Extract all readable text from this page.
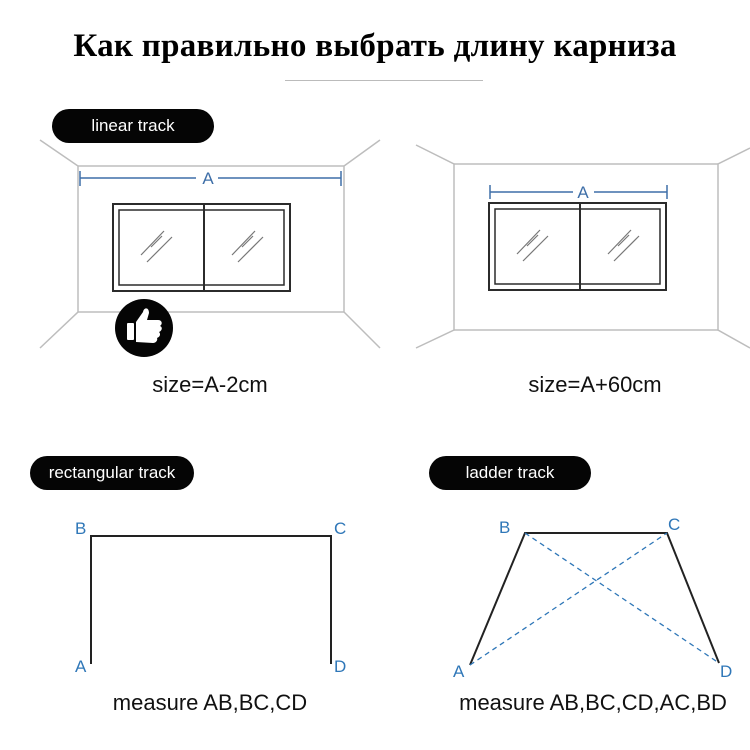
Как правильно выбрать длину карниза
linear track
rectangular track	ladder track
A
A
B	C
A	D
B	C
A	D
size=A-2cm	size=A+60cm
measure AB,BC,CD	measure AB,BC,CD,AC,BD
